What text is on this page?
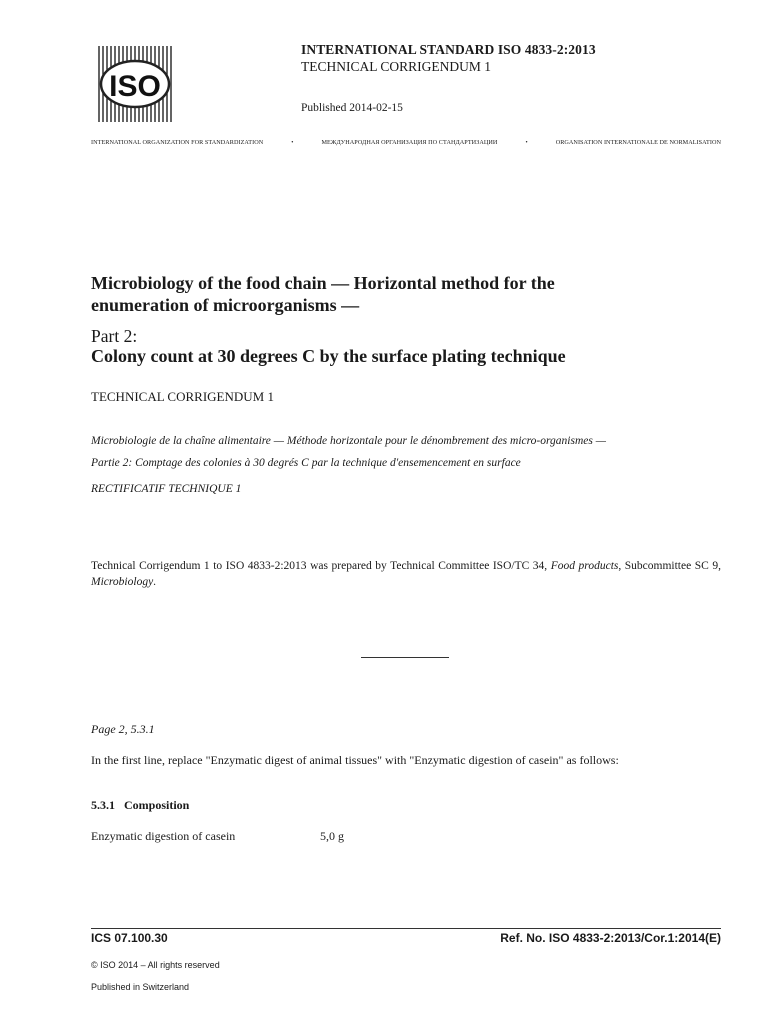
ISO
INTERNATIONAL STANDARD ISO 4833-2:2013
TECHNICAL CORRIGENDUM 1
Published 2014-02-15
INTERNATIONAL ORGANIZATION FOR STANDARDIZATION	•	МЕЖДУНАРОДНАЯ ОРГАНИЗАЦИЯ ПО СТАНДАРТИЗАЦИИ	•	ORGANISATION INTERNATIONALE DE NORMALISATION
Microbiology of the food chain — Horizontal method for the
enumeration of microorganisms —
Part 2:
Colony count at 30 degrees C by the surface plating technique
TECHNICAL CORRIGENDUM 1
Microbiologie de la chaîne alimentaire — Méthode horizontale pour le dénombrement des micro-organismes —
Partie 2: Comptage des colonies à 30 degrés C par la technique d'ensemencement en surface
RECTIFICATIF TECHNIQUE 1
Technical Corrigendum 1 to ISO 4833-2:2013 was prepared by Technical Committee ISO/TC 34, Food products, Subcommittee SC 9, Microbiology.
Page 2, 5.3.1
In the first line, replace "Enzymatic digest of animal tissues" with "Enzymatic digestion of casein" as follows:
5.3.1 Composition
Enzymatic digestion of casein	5,0 g
ICS 07.100.30	Ref. No. ISO 4833-2:2013/Cor.1:2014(E)
© ISO 2014 – All rights reserved
Published in Switzerland
